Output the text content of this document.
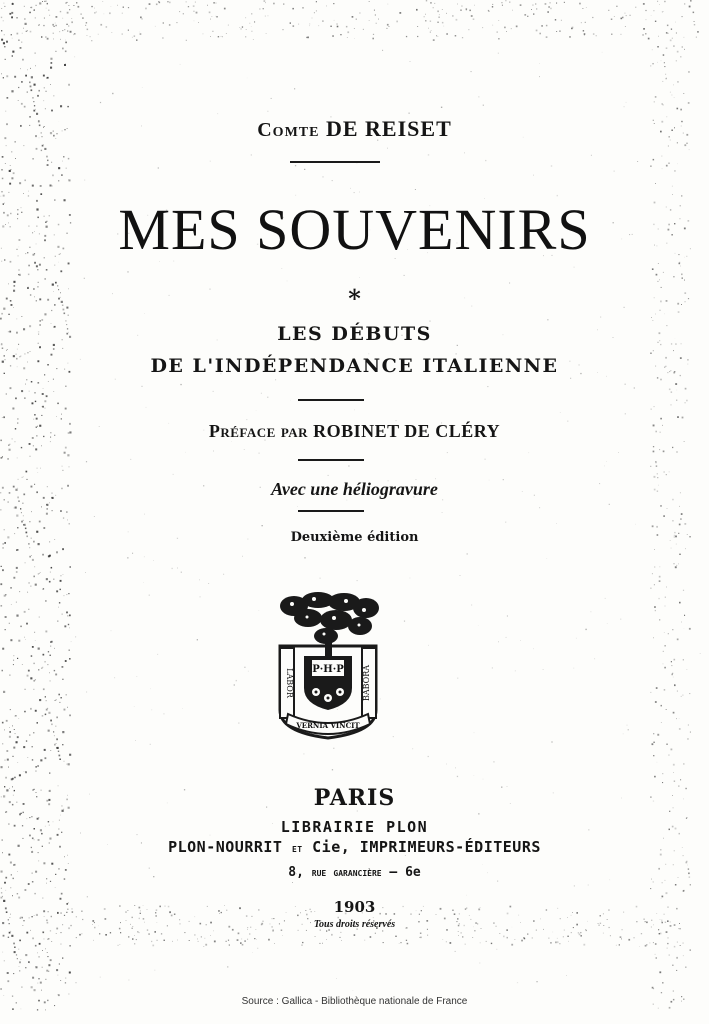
Comte DE REISET
MES SOUVENIRS
*
LES DÉBUTS
DE L'INDÉPENDANCE ITALIENNE
Préface par ROBINET DE CLÉRY
Avec une héliogravure
Deuxième édition
P·H·P
LABOR	BABORA
VERNIA VINCIT
PARIS
LIBRAIRIE PLON
PLON-NOURRIT et Cie, IMPRIMEURS-ÉDITEURS
8, rue garancière — 6e
1903
Tous droits réservés
Source : Gallica - Bibliothèque nationale de France
